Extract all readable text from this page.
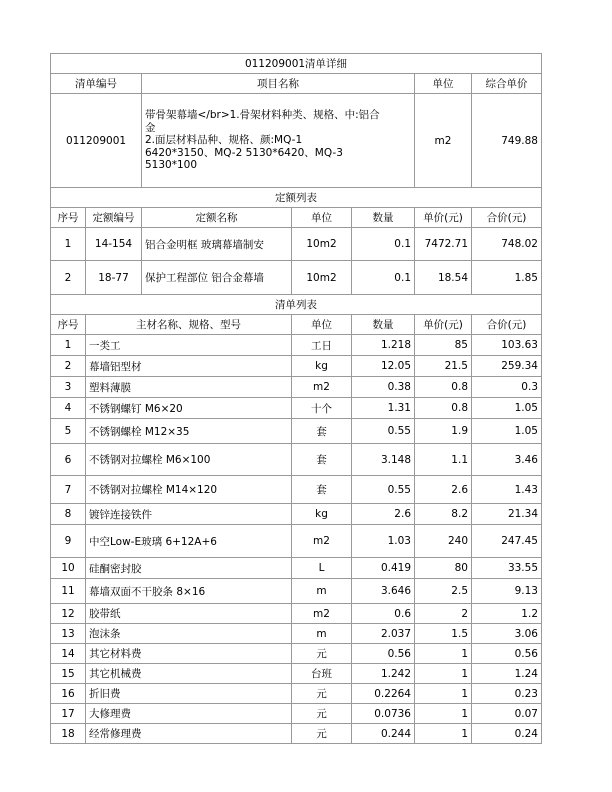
011209001清单详细						
清单编号		项目名称			单位	综合单价
011209001		带骨架幕墙</br>1.骨架材料种类、规格、中:铝合
金
2.面层材料品种、规格、颜:MQ-1
6420*3150、MQ-2 5130*6420、MQ-3
5130*100			m2	749.88
定额列表						
序号	定额编号	定额名称	单位	数量	单价(元)	合价(元)
1	14-154	铝合金明框 玻璃幕墙制安	10m2	0.1	7472.71	748.02
2	18-77	保护工程部位 铝合金幕墙	10m2	0.1	18.54	1.85
清单列表						
序号	主材名称、规格、型号		单位	数量	单价(元)	合价(元)
1	一类工		工日	1.218	85	103.63
2	幕墙铝型材		kg	12.05	21.5	259.34
3	塑料薄膜		m2	0.38	0.8	0.3
4	不锈钢螺钉 M6×20		十个	1.31	0.8	1.05
5	不锈钢螺栓 M12×35		套	0.55	1.9	1.05
6	不锈钢对拉螺栓 M6×100		套	3.148	1.1	3.46
7	不锈钢对拉螺栓 M14×120		套	0.55	2.6	1.43
8	镀锌连接铁件		kg	2.6	8.2	21.34
9	中空Low-E玻璃 6+12A+6		m2	1.03	240	247.45
10	硅酮密封胶		L	0.419	80	33.55
11	幕墙双面不干胶条 8×16		m	3.646	2.5	9.13
12	胶带纸		m2	0.6	2	1.2
13	泡沫条		m	2.037	1.5	3.06
14	其它材料费		元	0.56	1	0.56
15	其它机械费		台班	1.242	1	1.24
16	折旧费		元	0.2264	1	0.23
17	大修理费		元	0.0736	1	0.07
18	经常修理费		元	0.244	1	0.24
